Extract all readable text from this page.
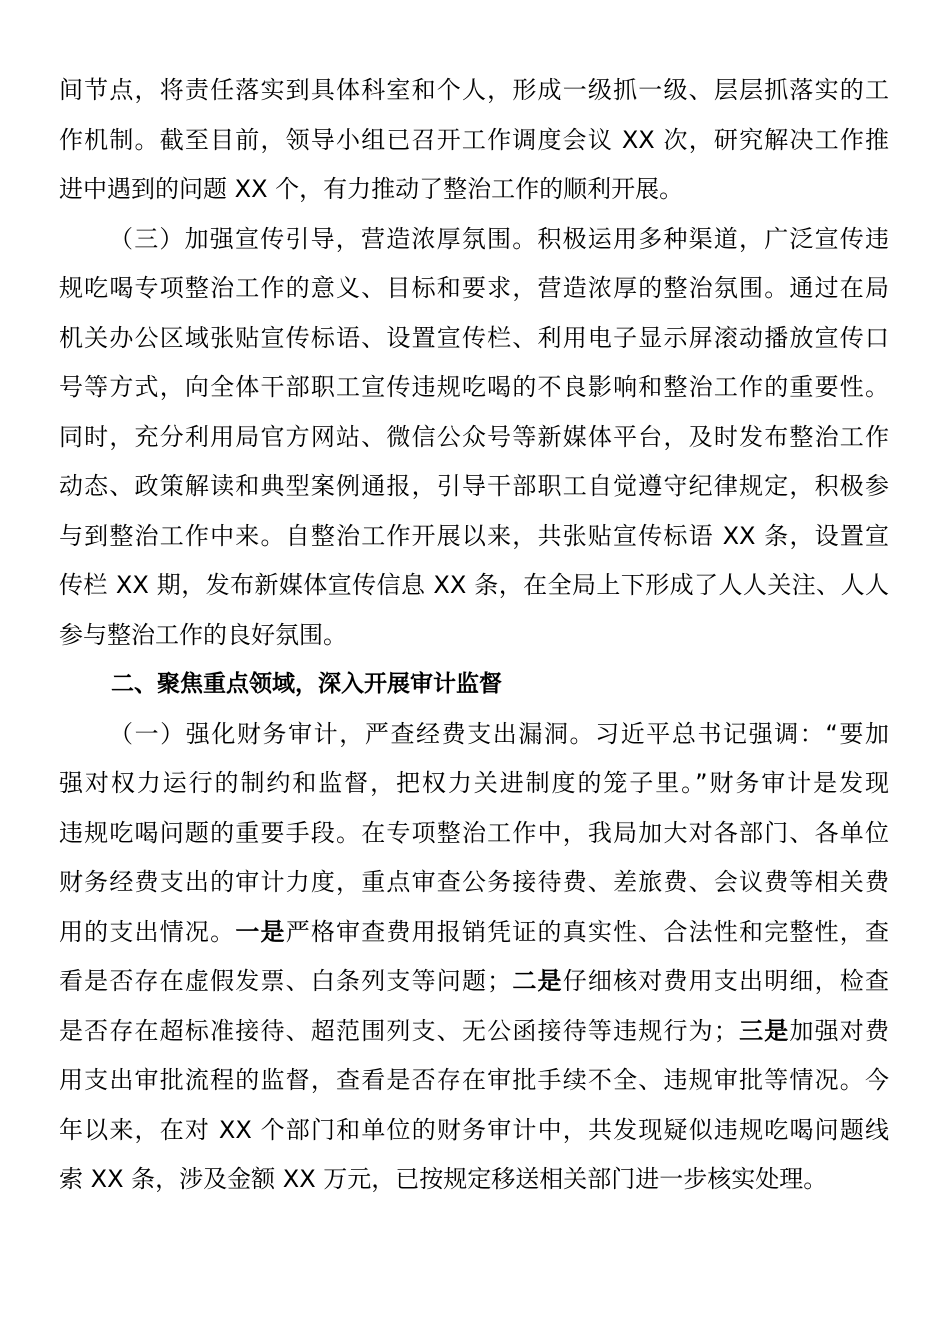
间节点，将责任落实到具体科室和个人，形成一级抓一级、层层抓落实的工
作机制。截至目前，领导小组已召开工作调度会议 XX 次，研究解决工作推
进中遇到的问题 XX 个，有力推动了整治工作的顺利开展。
（三）加强宣传引导，营造浓厚氛围。积极运用多种渠道，广泛宣传违
规吃喝专项整治工作的意义、目标和要求，营造浓厚的整治氛围。通过在局
机关办公区域张贴宣传标语、设置宣传栏、利用电子显示屏滚动播放宣传口
号等方式，向全体干部职工宣传违规吃喝的不良影响和整治工作的重要性。
同时，充分利用局官方网站、微信公众号等新媒体平台，及时发布整治工作
动态、政策解读和典型案例通报，引导干部职工自觉遵守纪律规定，积极参
与到整治工作中来。自整治工作开展以来，共张贴宣传标语 XX 条，设置宣
传栏 XX 期，发布新媒体宣传信息 XX 条，在全局上下形成了人人关注、人人
参与整治工作的良好氛围。
二、聚焦重点领域，深入开展审计监督
（一）强化财务审计，严查经费支出漏洞。习近平总书记强调：“要加
强对权力运行的制约和监督，把权力关进制度的笼子里。”财务审计是发现
违规吃喝问题的重要手段。在专项整治工作中，我局加大对各部门、各单位
财务经费支出的审计力度，重点审查公务接待费、差旅费、会议费等相关费
用的支出情况。一是严格审查费用报销凭证的真实性、合法性和完整性，查
看是否存在虚假发票、白条列支等问题；二是仔细核对费用支出明细，检查
是否存在超标准接待、超范围列支、无公函接待等违规行为；三是加强对费
用支出审批流程的监督，查看是否存在审批手续不全、违规审批等情况。今
年以来，在对 XX 个部门和单位的财务审计中，共发现疑似违规吃喝问题线
索 XX 条，涉及金额 XX 万元，已按规定移送相关部门进一步核实处理。
